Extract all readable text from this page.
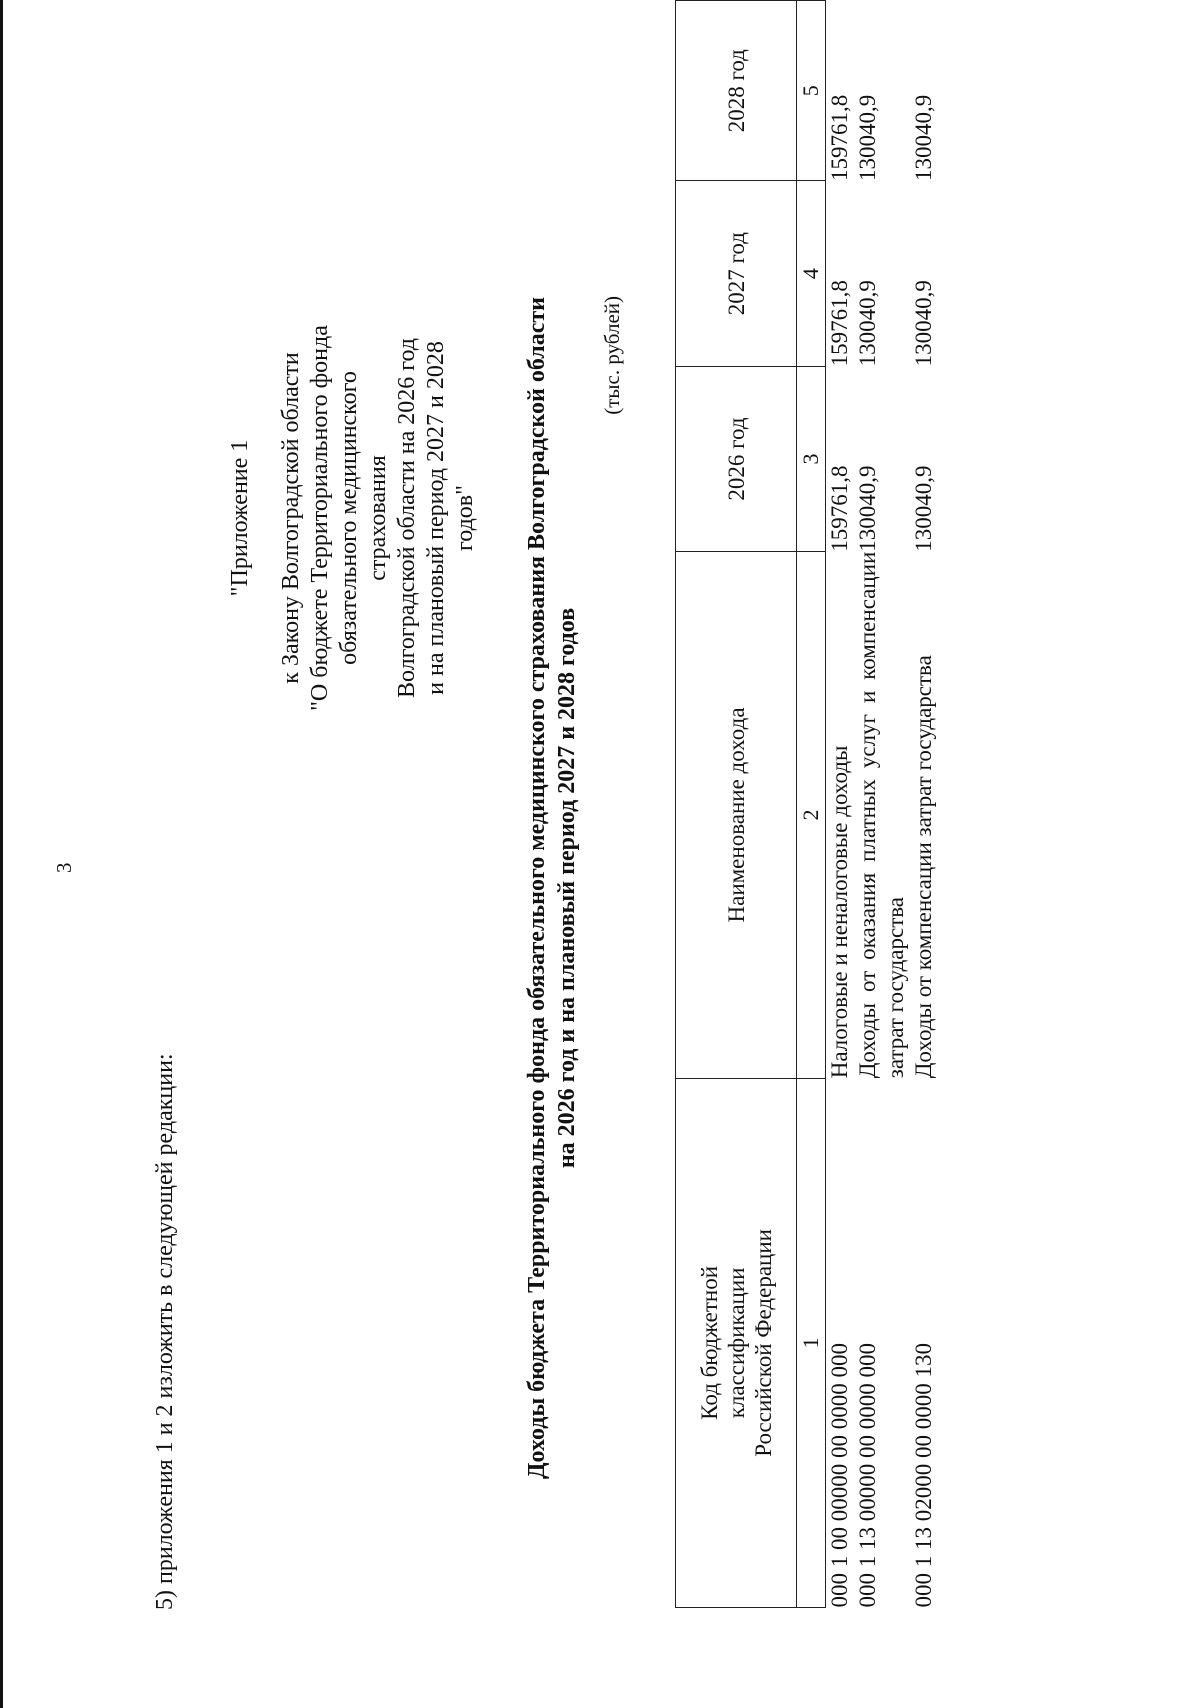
3
5) приложения 1 и 2 изложить в следующей редакции:
"Приложение 1 к Закону Волгоградской области "О бюджете Территориального фонда обязательного медицинского страхования Волгоградской области на 2026 год и на плановый период 2027 и 2028 годов" Доходы бюджета Территориального фонда обязательного медицинского страхования Волгоградской области на 2026 год и на плановый период 2027 и 2028 годов
(тыс. рублей)
Код бюджетной классификации Российской Федерации	Наименование дохода	2026 год	2027 год	2028 год
1	2	3	4	5
000 1 00 00000 00 0000 000	Налоговые и неналоговые доходы	159761,8	159761,8	159761,8
000 1 13 00000 00 0000 000	Доходы от оказания платных услуг и компенсации затрат государства	130040,9	130040,9	130040,9
000 1 13 02000 00 0000 130	Доходы от компенсации затрат государства	130040,9	130040,9	130040,9
